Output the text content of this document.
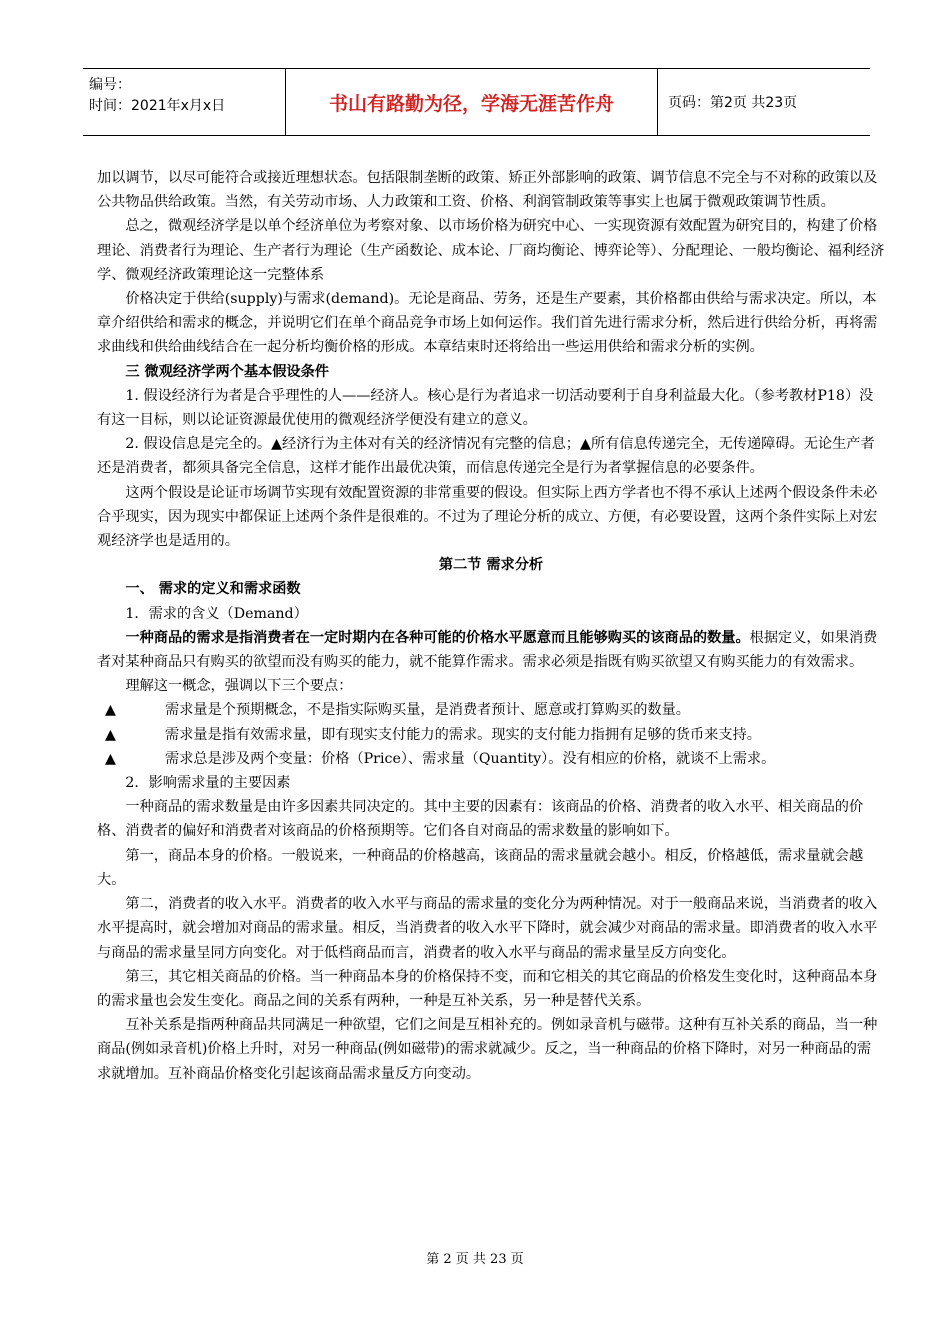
编号：
时间：2021年x月x日	书山有路勤为径，学海无涯苦作舟	页码：第2页 共23页

加以调节，以尽可能符合或接近理想状态。包括限制垄断的政策、矫正外部影响的政策、调节信息不完全与不对称的政策以及公共物品供给政策。当然，有关劳动市场、人力政策和工资、价格、利润管制政策等事实上也属于微观政策调节性质。

总之，微观经济学是以单个经济单位为考察对象、以市场价格为研究中心、一实现资源有效配置为研究目的，构建了价格理论、消费者行为理论、生产者行为理论（生产函数论、成本论、厂商均衡论、博弈论等）、分配理论、一般均衡论、福利经济学、微观经济政策理论这一完整体系

价格决定于供给(supply)与需求(demand)。无论是商品、劳务，还是生产要素，其价格都由供给与需求决定。所以，本章介绍供给和需求的概念，并说明它们在单个商品竞争市场上如何运作。我们首先进行需求分析，然后进行供给分析，再将需求曲线和供给曲线结合在一起分析均衡价格的形成。本章结束时还将给出一些运用供给和需求分析的实例。

三 微观经济学两个基本假设条件

1. 假设经济行为者是合乎理性的人——经济人。核心是行为者追求一切活动要利于自身利益最大化。（参考教材P18）没有这一目标，则以论证资源最优使用的微观经济学便没有建立的意义。

2. 假设信息是完全的。▲经济行为主体对有关的经济情况有完整的信息；▲所有信息传递完全，无传递障碍。无论生产者还是消费者，都须具备完全信息，这样才能作出最优决策，而信息传递完全是行为者掌握信息的必要条件。

这两个假设是论证市场调节实现有效配置资源的非常重要的假设。但实际上西方学者也不得不承认上述两个假设条件未必合乎现实，因为现实中都保证上述两个条件是很难的。不过为了理论分析的成立、方便，有必要设置，这两个条件实际上对宏观经济学也是适用的。

第二节 需求分析

一、 需求的定义和需求函数

1．需求的含义（Demand）

一种商品的需求是指消费者在一定时期内在各种可能的价格水平愿意而且能够购买的该商品的数量。根据定义，如果消费者对某种商品只有购买的欲望而没有购买的能力，就不能算作需求。需求必须是指既有购买欲望又有购买能力的有效需求。

理解这一概念，强调以下三个要点：

▲	需求量是个预期概念，不是指实际购买量，是消费者预计、愿意或打算购买的数量。

▲	需求量是指有效需求量，即有现实支付能力的需求。现实的支付能力指拥有足够的货币来支持。

▲	需求总是涉及两个变量：价格（Price）、需求量（Quantity）。没有相应的价格，就谈不上需求。

2．影响需求量的主要因素

一种商品的需求数量是由许多因素共同决定的。其中主要的因素有：该商品的价格、消费者的收入水平、相关商品的价格、消费者的偏好和消费者对该商品的价格预期等。它们各自对商品的需求数量的影响如下。

第一，商品本身的价格。一般说来，一种商品的价格越高，该商品的需求量就会越小。相反，价格越低，需求量就会越大。

第二，消费者的收入水平。消费者的收入水平与商品的需求量的变化分为两种情况。对于一般商品来说，当消费者的收入水平提高时，就会增加对商品的需求量。相反，当消费者的收入水平下降时，就会减少对商品的需求量。即消费者的收入水平与商品的需求量呈同方向变化。对于低档商品而言，消费者的收入水平与商品的需求量呈反方向变化。

第三，其它相关商品的价格。当一种商品本身的价格保持不变，而和它相关的其它商品的价格发生变化时，这种商品本身的需求量也会发生变化。商品之间的关系有两种，一种是互补关系，另一种是替代关系。

互补关系是指两种商品共同满足一种欲望，它们之间是互相补充的。例如录音机与磁带。这种有互补关系的商品，当一种商品(例如录音机)价格上升时，对另一种商品(例如磁带)的需求就减少。反之，当一种商品的价格下降时，对另一种商品的需求就增加。互补商品价格变化引起该商品需求量反方向变动。

第 2 页 共 23 页
